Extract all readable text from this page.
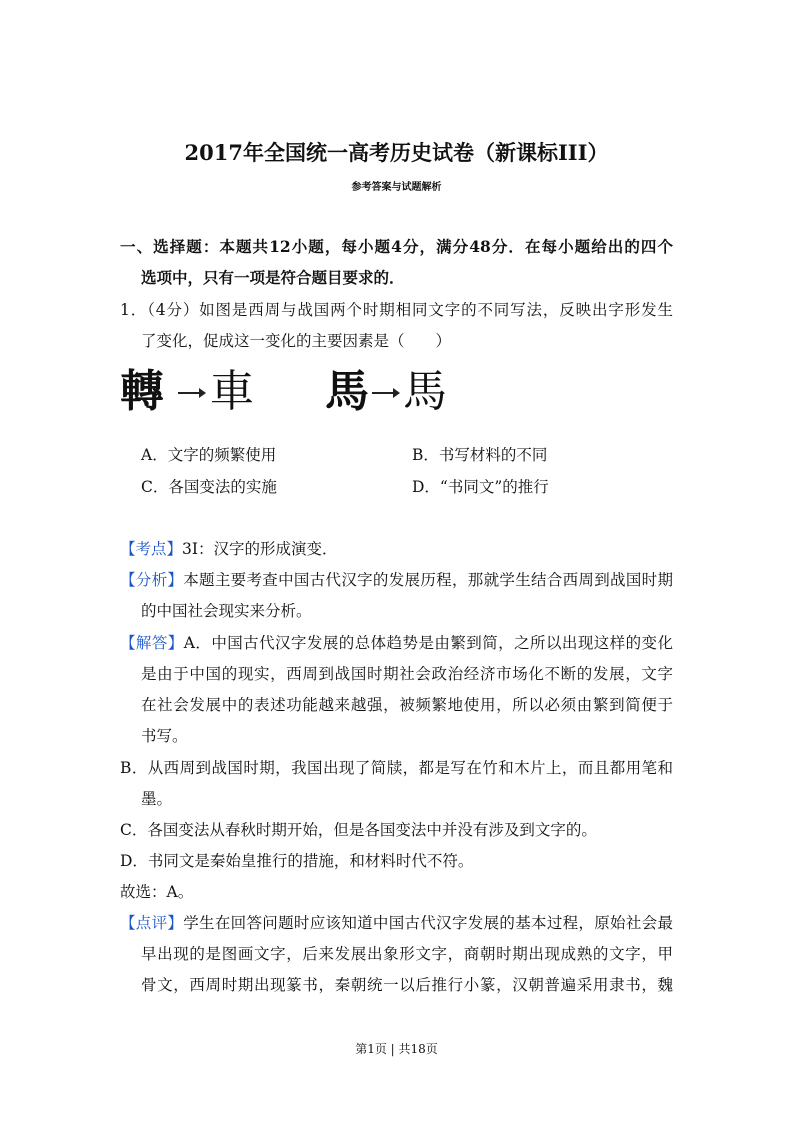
2017年全国统一高考历史试卷（新课标III）
参考答案与试题解析
一、选择题：本题共12小题，每小题4分，满分48分．在每小题给出的四个
选项中，只有一项是符合题目要求的．
1．（4分）如图是西周与战国两个时期相同文字的不同写法，反映出字形发生
了变化，促成这一变化的主要因素是（　　）
轉 車 馬 馬
A．文字的频繁使用	B．书写材料的不同
C．各国变法的实施	D．“书同文”的推行
【考点】3I：汉字的形成演变．
【分析】本题主要考查中国古代汉字的发展历程，那就学生结合西周到战国时期
的中国社会现实来分析。
【解答】A．中国古代汉字发展的总体趋势是由繁到简，之所以出现这样的变化
是由于中国的现实，西周到战国时期社会政治经济市场化不断的发展，文字
在社会发展中的表述功能越来越强，被频繁地使用，所以必须由繁到简便于
书写。
B．从西周到战国时期，我国出现了简牍，都是写在竹和木片上，而且都用笔和
墨。
C．各国变法从春秋时期开始，但是各国变法中并没有涉及到文字的。
D．书同文是秦始皇推行的措施，和材料时代不符。
故选：A。
【点评】学生在回答问题时应该知道中国古代汉字发展的基本过程，原始社会最
早出现的是图画文字，后来发展出象形文字，商朝时期出现成熟的文字，甲
骨文，西周时期出现篆书，秦朝统一以后推行小篆，汉朝普遍采用隶书，魏
第1页 | 共18页
